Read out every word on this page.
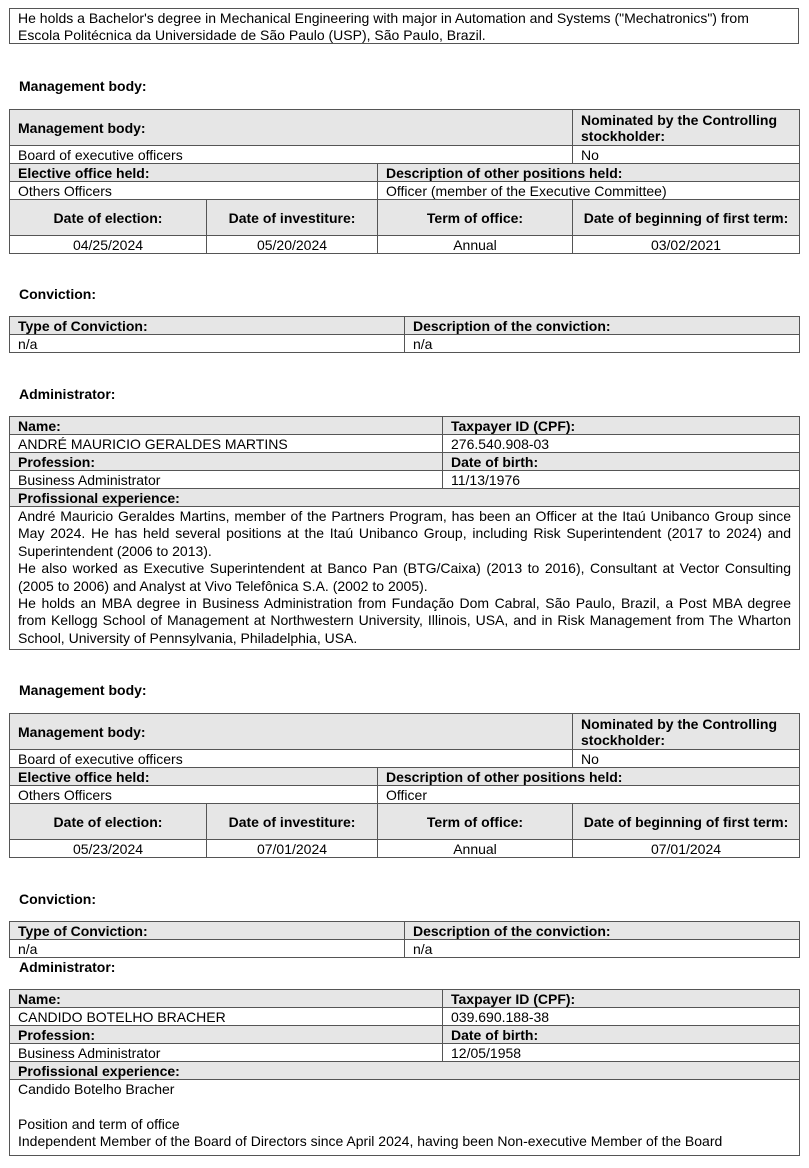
He holds a Bachelor's degree in Mechanical Engineering with major in Automation and Systems ("Mechatronics") from Escola Politécnica da Universidade de São Paulo (USP), São Paulo, Brazil.
Management body:
Management body:			Nominated by the Controlling stockholder:
Board of executive officers			No
Elective office held:		Description of other positions held:	
Others Officers		Officer (member of the Executive Committee)	
Date of election:	Date of investiture:	Term of office:	Date of beginning of first term:
04/25/2024	05/20/2024	Annual	03/02/2021
Conviction:
Type of Conviction:	Description of the conviction:
n/a	n/a
Administrator:
Name:	Taxpayer ID (CPF):
ANDRÉ MAURICIO GERALDES MARTINS	276.540.908-03
Profession:	Date of birth:
Business Administrator	11/13/1976
Profissional experience:	

André Mauricio Geraldes Martins, member of the Partners Program, has been an Officer at the Itaú Unibanco Group since May 2024. He has held several positions at the Itaú Unibanco Group, including Risk Superintendent (2017 to 2024) and Superintendent (2006 to 2013).

He also worked as Executive Superintendent at Banco Pan (BTG/Caixa) (2013 to 2016), Consultant at Vector Consulting (2005 to 2006) and Analyst at Vivo Telefônica S.A. (2002 to 2005).

He holds an MBA degree in Business Administration from Fundação Dom Cabral, São Paulo, Brazil, a Post MBA degree from Kellogg School of Management at Northwestern University, Illinois, USA, and in Risk Management from The Wharton School, University of Pennsylvania, Philadelphia, USA.	

Management body:
Management body:			Nominated by the Controlling stockholder:
Board of executive officers			No
Elective office held:		Description of other positions held:	
Others Officers		Officer	
Date of election:	Date of investiture:	Term of office:	Date of beginning of first term:
05/23/2024	07/01/2024	Annual	07/01/2024
Conviction:
Type of Conviction:	Description of the conviction:
n/a	n/a
Administrator:
Name:	Taxpayer ID (CPF):
CANDIDO BOTELHO BRACHER	039.690.188-38
Profession:	Date of birth:
Business Administrator	12/05/1958
Profissional experience:	

Candido Botelho Bracher
Position and term of office
Independent Member of the Board of Directors since April 2024, having been Non-executive Member of the Board	
